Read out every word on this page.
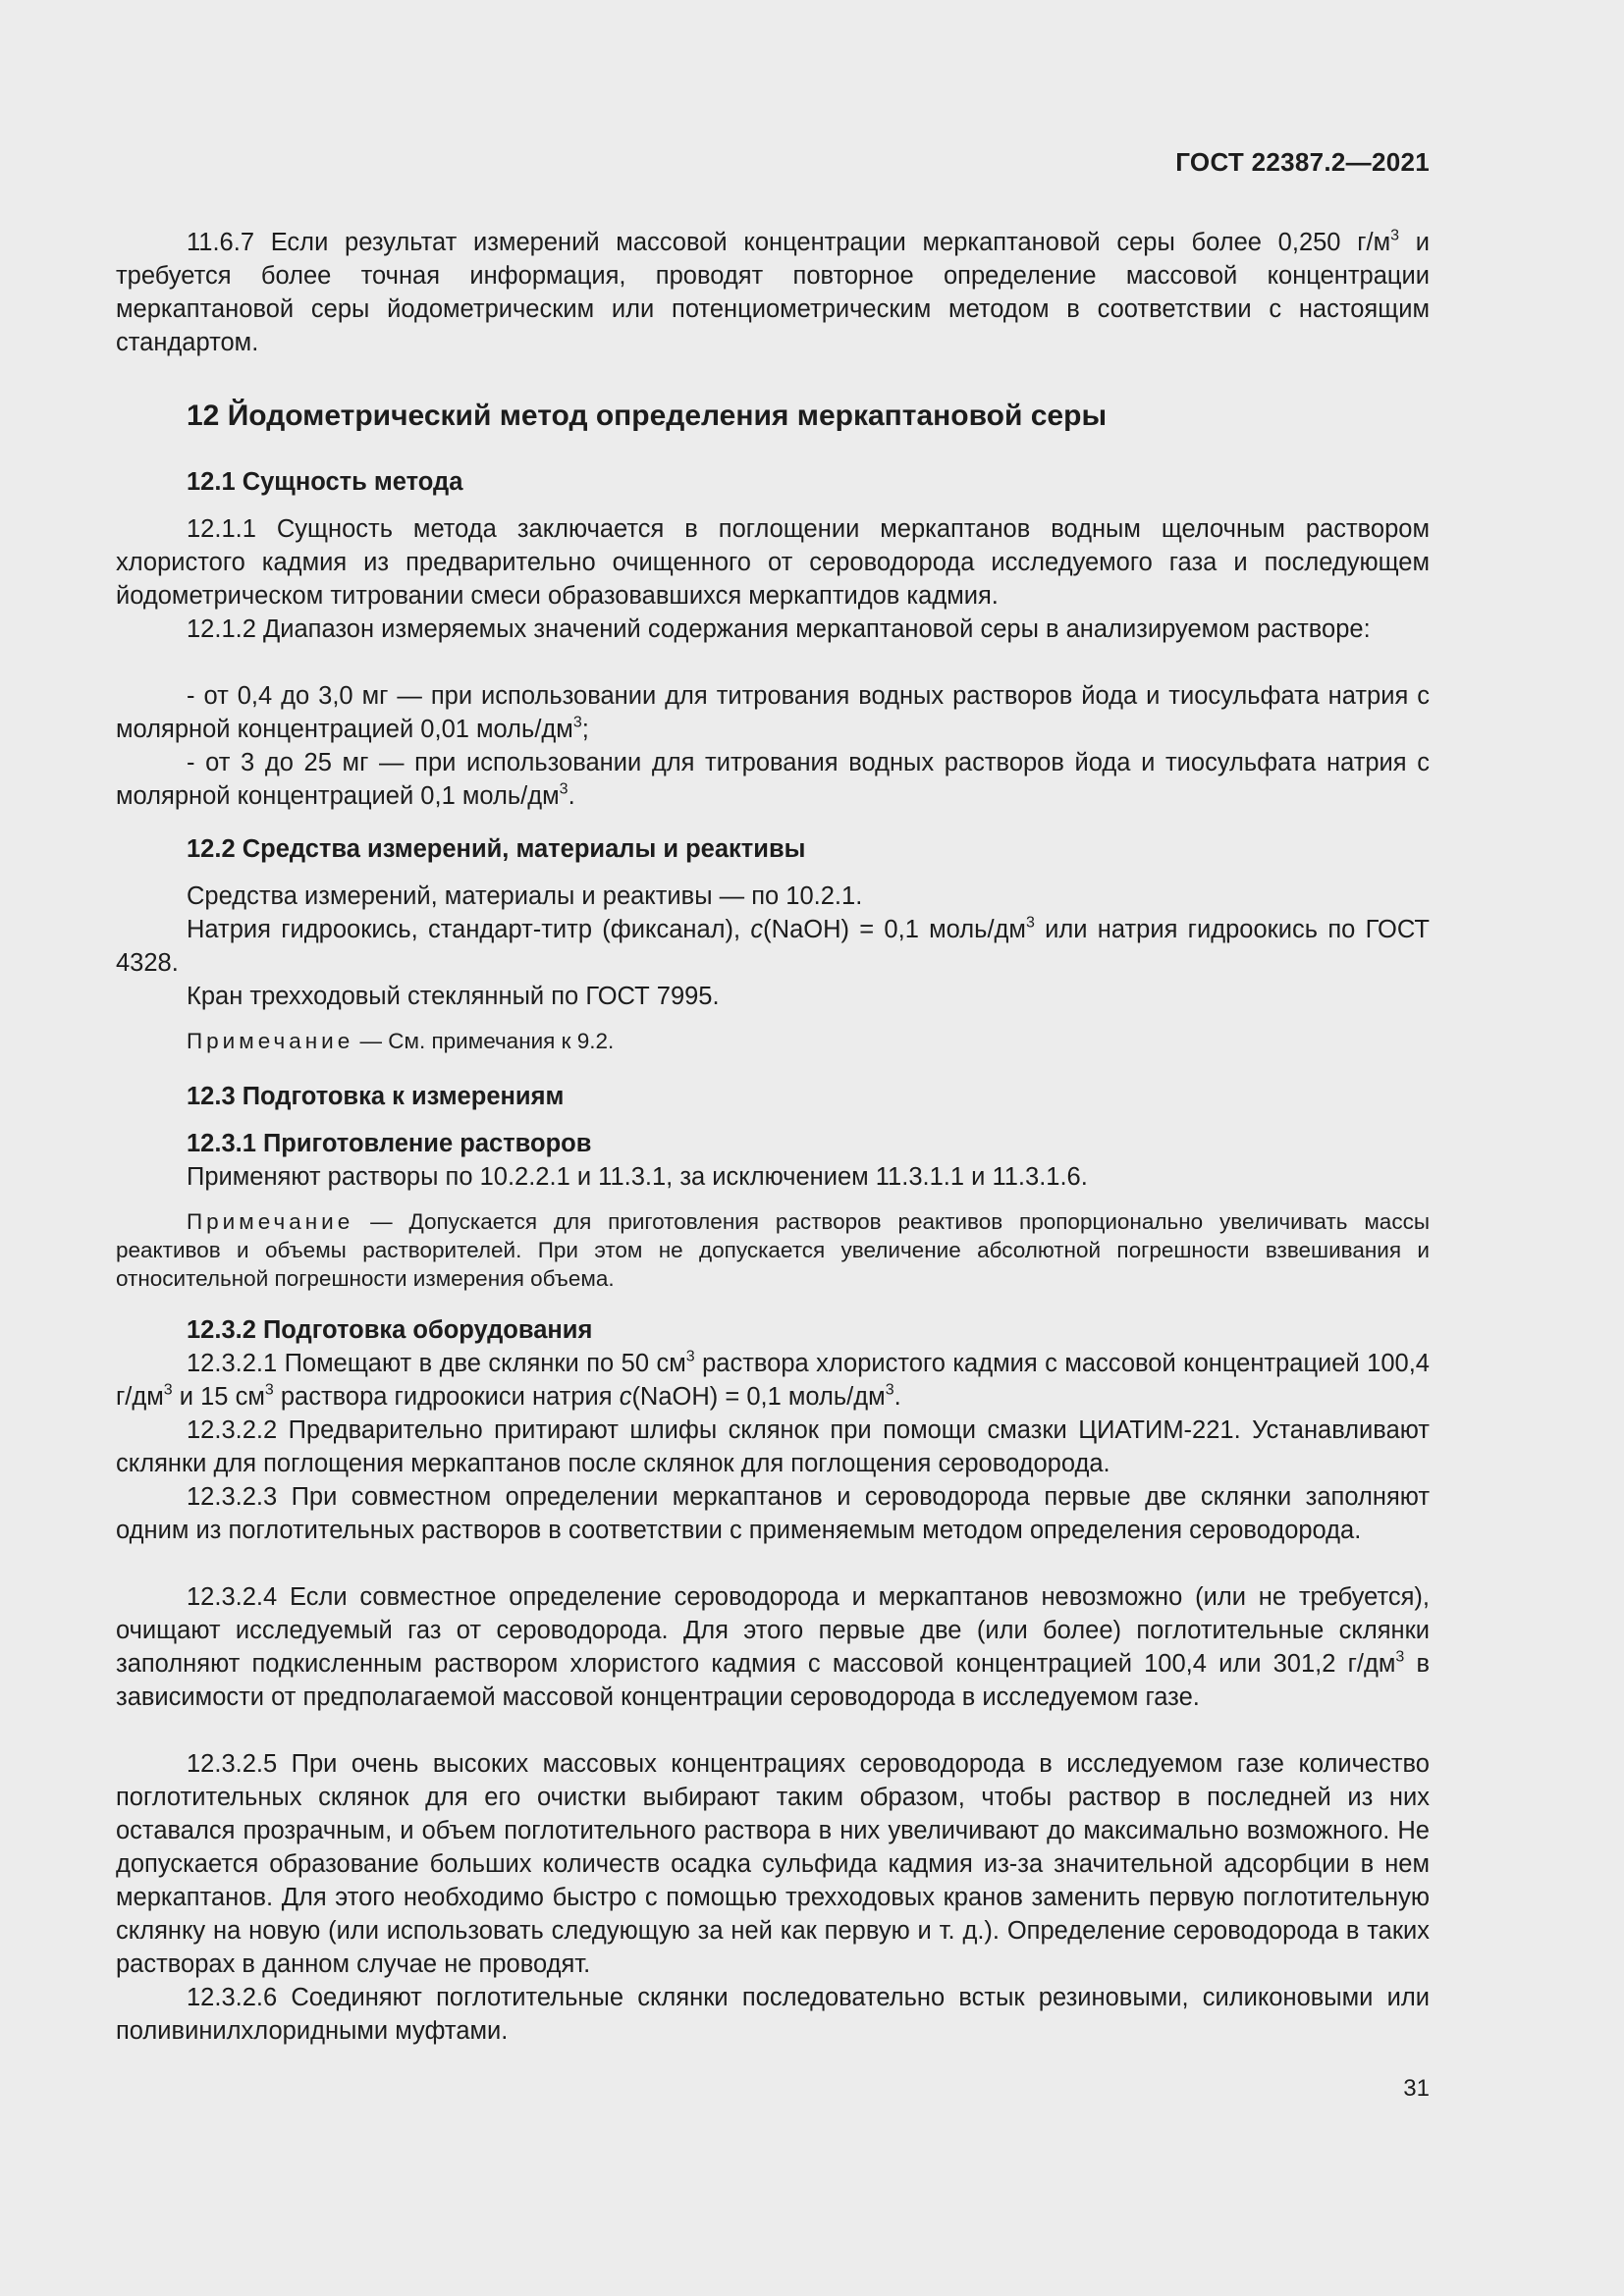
ГОСТ 22387.2—2021

11.6.7 Если результат измерений массовой концентрации меркаптановой серы более 0,250 $г/м^3$ и требуется более точная информация, проводят повторное определение массовой концентрации меркаптановой серы йодометрическим или потенциометрическим методом в соответствии с настоящим стандартом.

12 Йодометрический метод определения меркаптановой серы
12.1 Сущность метода

12.1.1 Сущность метода заключается в поглощении меркаптанов водным щелочным раствором хлористого кадмия из предварительно очищенного от сероводорода исследуемого газа и последующем йодометрическом титровании смеси образовавшихся меркаптидов кадмия.

12.1.2 Диапазон измеряемых значений содержания меркаптановой серы в анализируемом растворе:

- от 0,4 до 3,0 мг — при использовании для титрования водных растворов йода и тиосульфата натрия с молярной концентрацией 0,01 моль/$дм^3$;

- от 3 до 25 мг — при использовании для титрования водных растворов йода и тиосульфата натрия с молярной концентрацией 0,1 моль/$дм^3$.

12.2 Средства измерений, материалы и реактивы

Средства измерений, материалы и реактивы — по 10.2.1.

Натрия гидроокись, стандарт-титр (фиксанал), c(NaOH) = 0,1 моль/$дм^3$ или натрия гидроокись по ГОСТ 4328.

Кран трехходовый стеклянный по ГОСТ 7995.

Примечание — См. примечания к 9.2.

12.3 Подготовка к измерениям
12.3.1 Приготовление растворов

Применяют растворы по 10.2.2.1 и 11.3.1, за исключением 11.3.1.1 и 11.3.1.6.

Примечание — Допускается для приготовления растворов реактивов пропорционально увеличивать массы реактивов и объемы растворителей. При этом не допускается увеличение абсолютной погрешности взвешивания и относительной погрешности измерения объема.

12.3.2 Подготовка оборудования

12.3.2.1 Помещают в две склянки по 50 $см^3$ раствора хлористого кадмия с массовой концентрацией 100,4 $г/дм^3$ и 15 $см^3$ раствора гидроокиси натрия c(NaOH) = 0,1 моль/$дм^3$.

12.3.2.2 Предварительно притирают шлифы склянок при помощи смазки ЦИАТИМ-221. Устанавливают склянки для поглощения меркаптанов после склянок для поглощения сероводорода.

12.3.2.3 При совместном определении меркаптанов и сероводорода первые две склянки заполняют одним из поглотительных растворов в соответствии с применяемым методом определения сероводорода.

12.3.2.4 Если совместное определение сероводорода и меркаптанов невозможно (или не требуется), очищают исследуемый газ от сероводорода. Для этого первые две (или более) поглотительные склянки заполняют подкисленным раствором хлористого кадмия с массовой концентрацией 100,4 или 301,2 $г/дм^3$ в зависимости от предполагаемой массовой концентрации сероводорода в исследуемом газе.

12.3.2.5 При очень высоких массовых концентрациях сероводорода в исследуемом газе количество поглотительных склянок для его очистки выбирают таким образом, чтобы раствор в последней из них оставался прозрачным, и объем поглотительного раствора в них увеличивают до максимально возможного. Не допускается образование больших количеств осадка сульфида кадмия из-за значительной адсорбции в нем меркаптанов. Для этого необходимо быстро с помощью трехходовых кранов заменить первую поглотительную склянку на новую (или использовать следующую за ней как первую и т. д.). Определение сероводорода в таких растворах в данном случае не проводят.

12.3.2.6 Соединяют поглотительные склянки последовательно встык резиновыми, силиконовыми или поливинилхлоридными муфтами.

31
